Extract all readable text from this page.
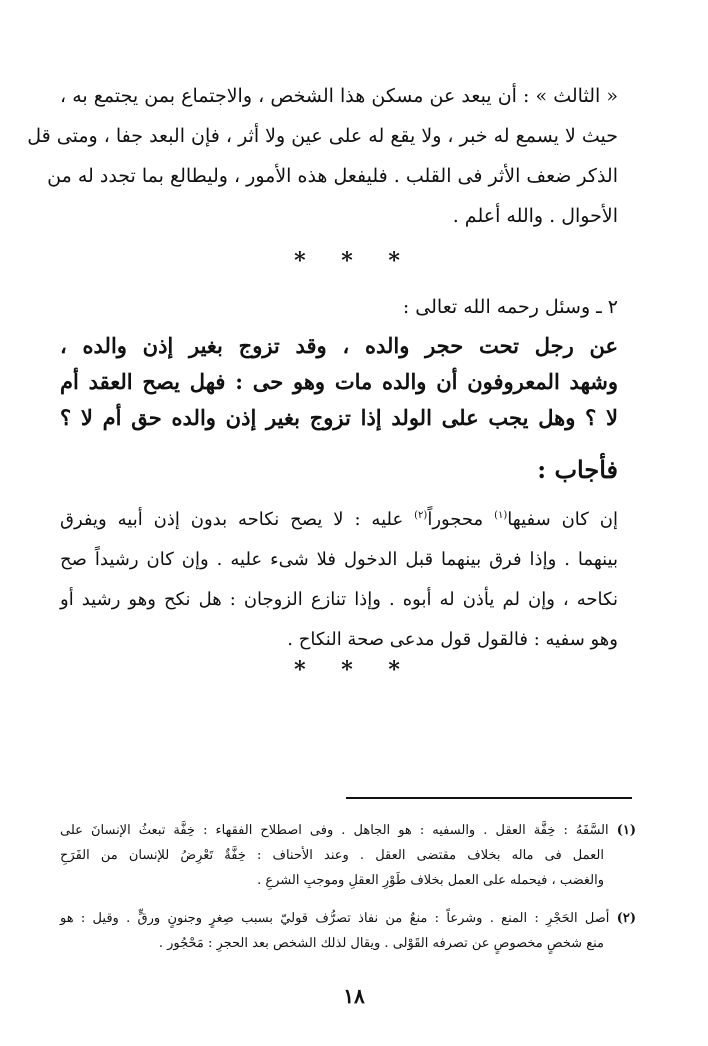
« الثالث » : أن يبعد عن مسكن هذا الشخص ، والاجتماع بمن يجتمع به ،
حيث لا يسمع له خبر ، ولا يقع له على عين ولا أثر ، فإن البعد جفا ، ومتى قل
الذكر ضعف الأثر فى القلب . فليفعل هذه الأمور ، وليطالع بما تجدد له من
الأحوال . والله أعلم .
* * *
٢ ـ وسئل رحمه الله تعالى :
عن رجل تحت حجر والده ، وقد تزوج بغير إذن والده ،
وشهد المعروفون أن والده مات وهو حى : فهل يصح العقد أم
لا ؟ وهل يجب على الولد إذا تزوج بغير إذن والده حق أم لا ؟
فأجاب :
إن كان سفيها$^{(١)}$ محجوراً$^{(٢)}$ عليه : لا يصح نكاحه بدون إذن أبيه ويفرق
بينهما . وإذا فرق بينهما قبل الدخول فلا شىء عليه . وإن كان رشيداً صح
نكاحه ، وإن لم يأذن له أبوه . وإذا تنازع الزوجان : هل نكح وهو رشيد أو
وهو سفيه : فالقول قول مدعى صحة النكاح .
* * *
(١) السَّفَهُ : خِفَّة العقل . والسفيه : هو الجاهل . وفى اصطلاح الفقهاء : خِفَّة تبعثُ الإنسانَ على
العمل فى ماله بخلاف مقتضى العقل . وعند الأحناف : خِفَّةٌ تَعْرِضُ للإنسان من الفَرَحِ
والغضب ، فيحمله على العمل بخلاف طَوْرِ العقلِ وموجبِ الشرعِ .
(٢) أصل الحَجْرِ : المنع . وشرعاً : منعٌ من نفاذ تصرُّف قوليّ بسبب صِغرٍ وجنونٍ ورقٍّ . وقيل : هو
منع شخصٍ مخصوصٍ عن تصرفه القَوْلى . ويقال لذلك الشخص بعد الحجرِ : مَحْجُور .
١٨
